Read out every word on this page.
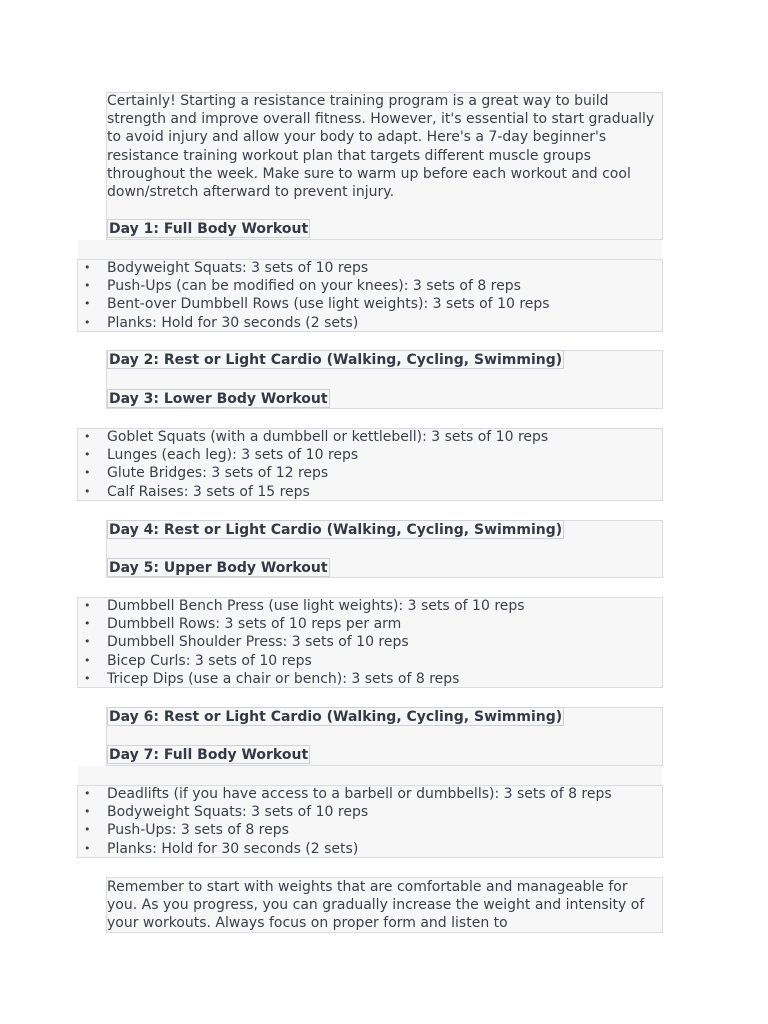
Certainly! Starting a resistance training program is a great way to build strength and improve overall fitness. However, it's essential to start gradually to avoid injury and allow your body to adapt. Here's a 7-day beginner's resistance training workout plan that targets different muscle groups throughout the week. Make sure to warm up before each workout and cool down/stretch afterward to prevent injury.

Day 1: Full Body Workout
• Bodyweight Squats: 3 sets of 10 reps
• Push-Ups (can be modified on your knees): 3 sets of 8 reps
• Bent-over Dumbbell Rows (use light weights): 3 sets of 10 reps
• Planks: Hold for 30 seconds (2 sets)
Day 2: Rest or Light Cardio (Walking, Cycling, Swimming)
Day 3: Lower Body Workout
• Goblet Squats (with a dumbbell or kettlebell): 3 sets of 10 reps
• Lunges (each leg): 3 sets of 10 reps
• Glute Bridges: 3 sets of 12 reps
• Calf Raises: 3 sets of 15 reps
Day 4: Rest or Light Cardio (Walking, Cycling, Swimming)
Day 5: Upper Body Workout
• Dumbbell Bench Press (use light weights): 3 sets of 10 reps
• Dumbbell Rows: 3 sets of 10 reps per arm
• Dumbbell Shoulder Press: 3 sets of 10 reps
• Bicep Curls: 3 sets of 10 reps
• Tricep Dips (use a chair or bench): 3 sets of 8 reps
Day 6: Rest or Light Cardio (Walking, Cycling, Swimming)
Day 7: Full Body Workout
• Deadlifts (if you have access to a barbell or dumbbells): 3 sets of 8 reps
• Bodyweight Squats: 3 sets of 10 reps
• Push-Ups: 3 sets of 8 reps
• Planks: Hold for 30 seconds (2 sets)

Remember to start with weights that are comfortable and manageable for you. As you progress, you can gradually increase the weight and intensity of your workouts. Always focus on proper form and listen to
